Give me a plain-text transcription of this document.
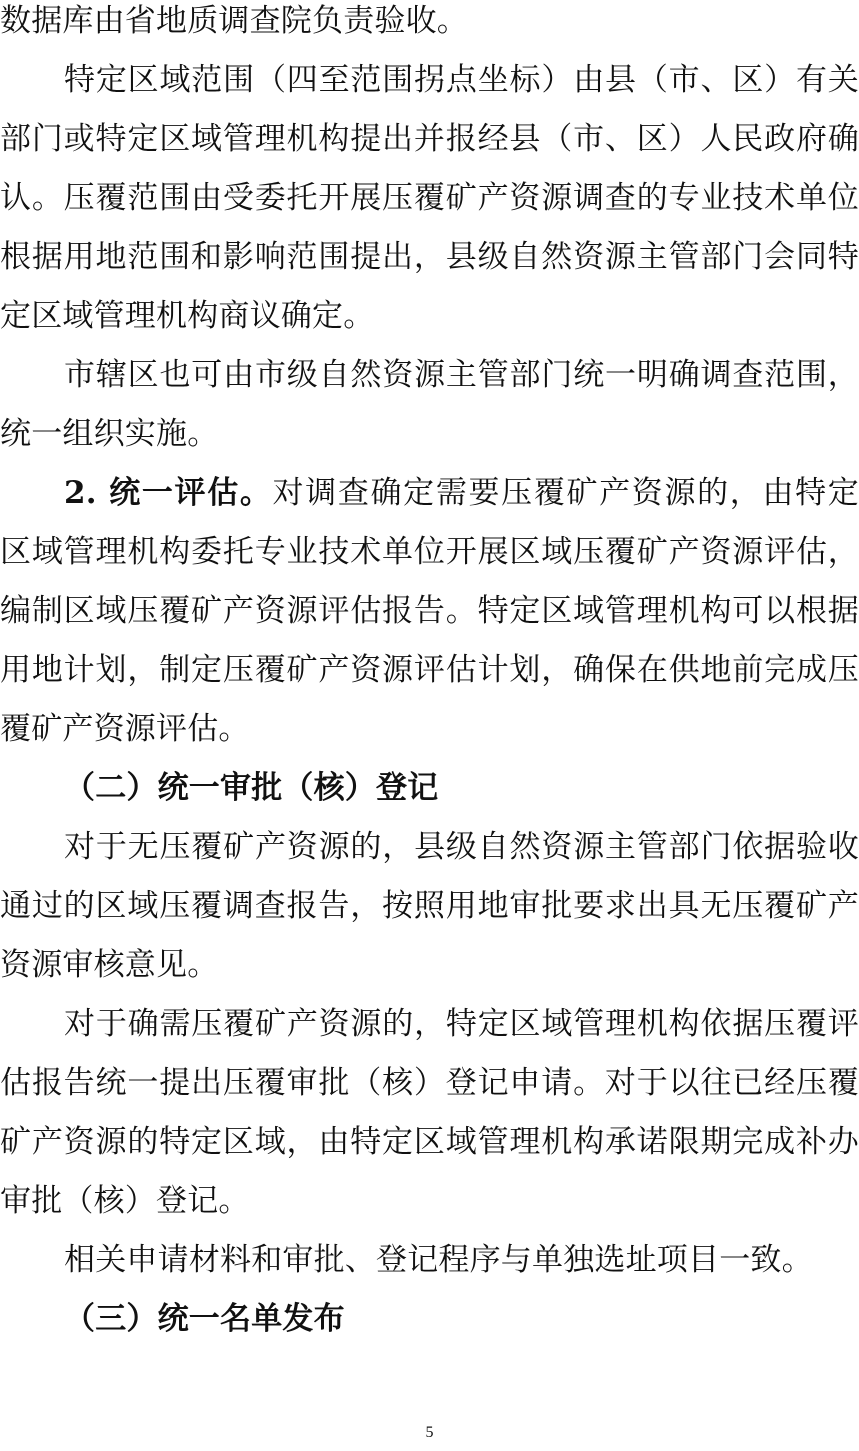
数据库由省地质调查院负责验收。
特定区域范围（四至范围拐点坐标）由县（市、区）有关
部门或特定区域管理机构提出并报经县（市、区）人民政府确
认。压覆范围由受委托开展压覆矿产资源调查的专业技术单位
根据用地范围和影响范围提出，县级自然资源主管部门会同特
定区域管理机构商议确定。
市辖区也可由市级自然资源主管部门统一明确调查范围，
统一组织实施。
2. 统一评估。对调查确定需要压覆矿产资源的，由特定
区域管理机构委托专业技术单位开展区域压覆矿产资源评估，
编制区域压覆矿产资源评估报告。特定区域管理机构可以根据
用地计划，制定压覆矿产资源评估计划，确保在供地前完成压
覆矿产资源评估。
（二）统一审批（核）登记
对于无压覆矿产资源的，县级自然资源主管部门依据验收
通过的区域压覆调查报告，按照用地审批要求出具无压覆矿产
资源审核意见。
对于确需压覆矿产资源的，特定区域管理机构依据压覆评
估报告统一提出压覆审批（核）登记申请。对于以往已经压覆
矿产资源的特定区域，由特定区域管理机构承诺限期完成补办
审批（核）登记。
相关申请材料和审批、登记程序与单独选址项目一致。
（三）统一名单发布
5
